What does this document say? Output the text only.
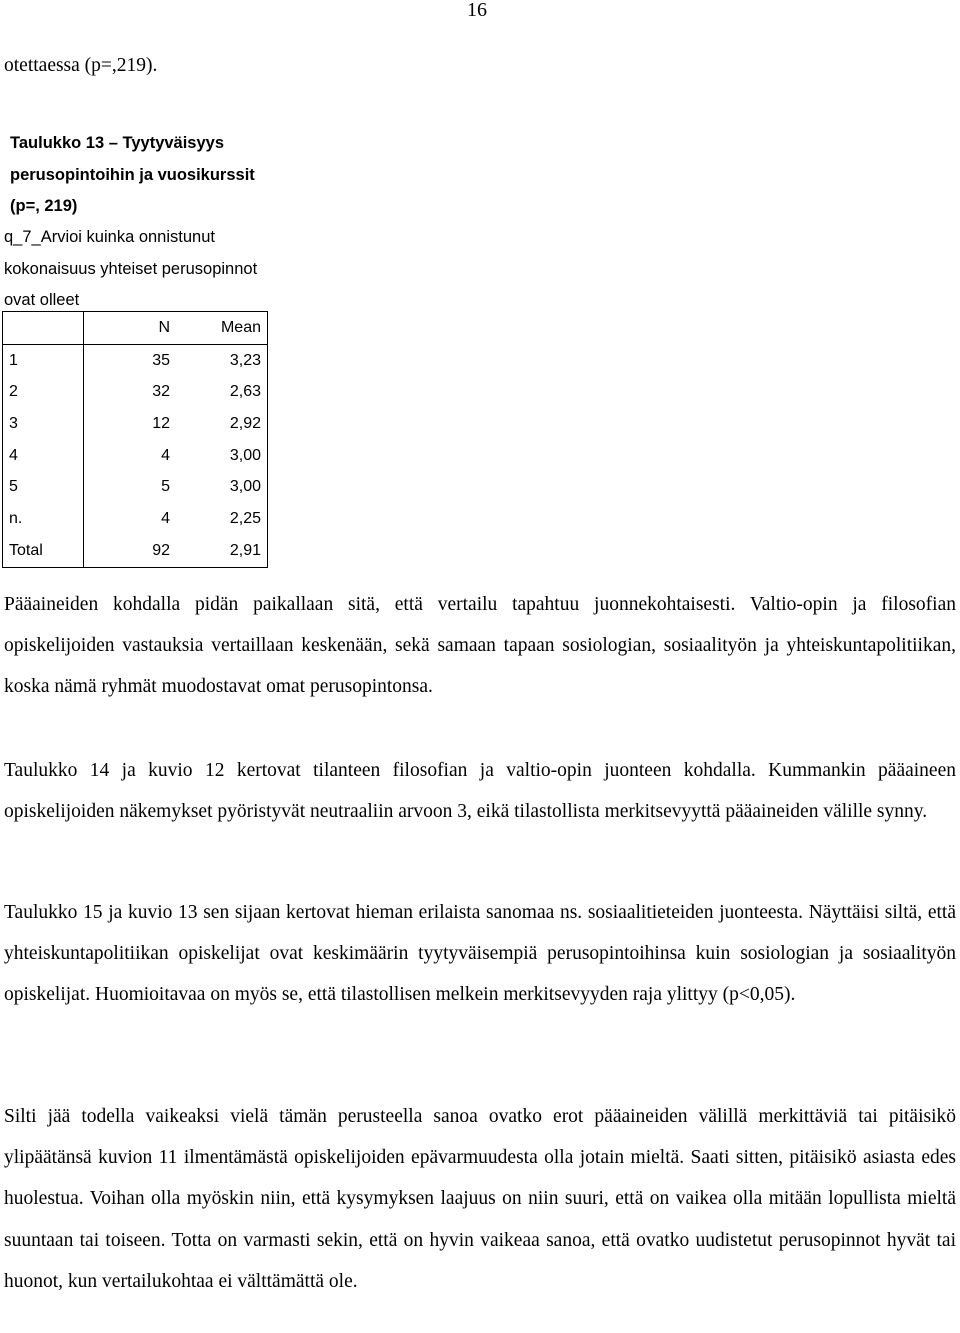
16
otettaessa (p=,219).
Taulukko 13 – Tyytyväisyys perusopintoihin ja vuosikurssit (p=, 219)
q_7_Arvioi kuinka onnistunut kokonaisuus yhteiset perusopinnot ovat olleet
	N	Mean
1	35	3,23
2	32	2,63
3	12	2,92
4	4	3,00
5	5	3,00
n.	4	2,25
Total	92	2,91

Pääaineiden kohdalla pidän paikallaan sitä, että vertailu tapahtuu juonnekohtaisesti. Valtio-opin ja filosofian opiskelijoiden vastauksia vertaillaan keskenään, sekä samaan tapaan sosiologian, sosiaalityön ja yhteiskuntapolitiikan, koska nämä ryhmät muodostavat omat perusopintonsa.

Taulukko 14 ja kuvio 12 kertovat tilanteen filosofian ja valtio-opin juonteen kohdalla. Kummankin pääaineen opiskelijoiden näkemykset pyöristyvät neutraaliin arvoon 3, eikä tilastollista merkitsevyyttä pääaineiden välille synny.

Taulukko 15 ja kuvio 13 sen sijaan kertovat hieman erilaista sanomaa ns. sosiaalitieteiden juonteesta. Näyttäisi siltä, että yhteiskuntapolitiikan opiskelijat ovat keskimäärin tyytyväisempiä perusopintoihinsa kuin sosiologian ja sosiaalityön opiskelijat. Huomioitavaa on myös se, että tilastollisen melkein merkitsevyyden raja ylittyy (p<0,05).

Silti jää todella vaikeaksi vielä tämän perusteella sanoa ovatko erot pääaineiden välillä merkittäviä tai pitäisikö ylipäätänsä kuvion 11 ilmentämästä opiskelijoiden epävarmuudesta olla jotain mieltä. Saati sitten, pitäisikö asiasta edes huolestua. Voihan olla myöskin niin, että kysymyksen laajuus on niin suuri, että on vaikea olla mitään lopullista mieltä suuntaan tai toiseen. Totta on varmasti sekin, että on hyvin vaikeaa sanoa, että ovatko uudistetut perusopinnot hyvät tai huonot, kun vertailukohtaa ei välttämättä ole.
